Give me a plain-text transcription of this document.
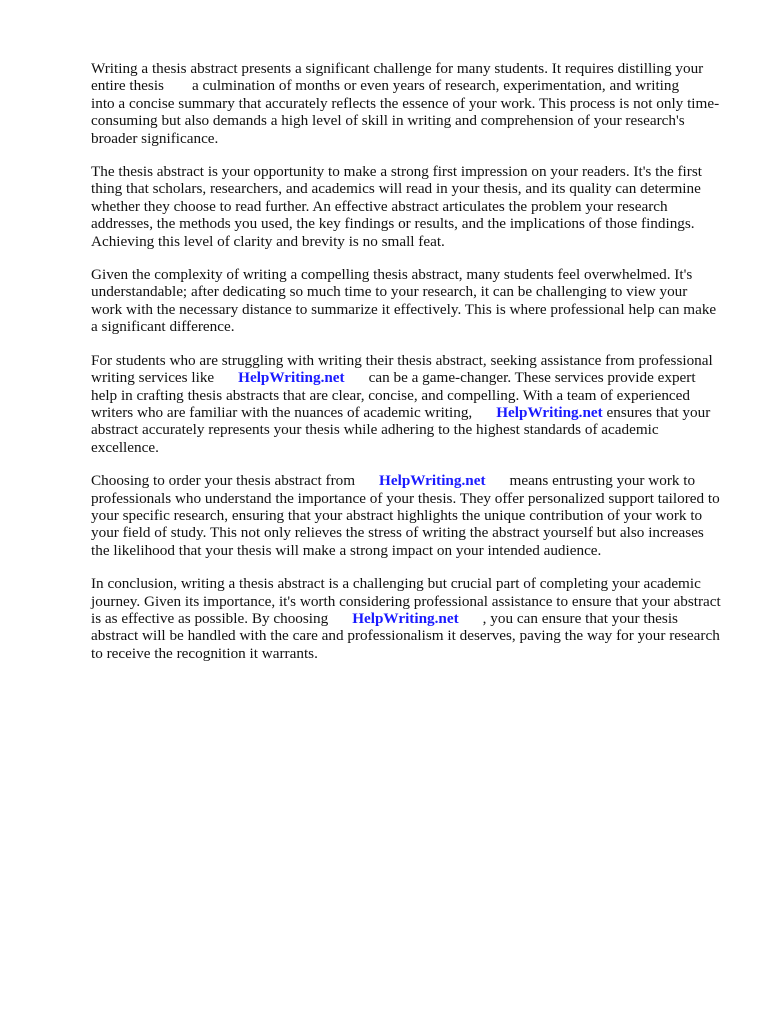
Writing a thesis abstract presents a significant challenge for many students. It requires distilling your entire thesis a culmination of months or even years of research, experimentation, and writinginto a concise summary that accurately reflects the essence of your work. This process is not only time-consuming but also demands a high level of skill in writing and comprehension of your research's broader significance.

The thesis abstract is your opportunity to make a strong first impression on your readers. It's the first thing that scholars, researchers, and academics will read in your thesis, and its quality can determine whether they choose to read further. An effective abstract articulates the problem your research addresses, the methods you used, the key findings or results, and the implications of those findings. Achieving this level of clarity and brevity is no small feat.

Given the complexity of writing a compelling thesis abstract, many students feel overwhelmed. It's understandable; after dedicating so much time to your research, it can be challenging to view your work with the necessary distance to summarize it effectively. This is where professional help can make a significant difference.

For students who are struggling with writing their thesis abstract, seeking assistance from professional writing services like HelpWriting.net can be a game-changer. These services provide expert help in crafting thesis abstracts that are clear, concise, and compelling. With a team of experienced writers who are familiar with the nuances of academic writing, HelpWriting.net ensures that your abstract accurately represents your thesis while adhering to the highest standards of academic excellence.

Choosing to order your thesis abstract from HelpWriting.net means entrusting your work to professionals who understand the importance of your thesis. They offer personalized support tailored to your specific research, ensuring that your abstract highlights the unique contribution of your work to your field of study. This not only relieves the stress of writing the abstract yourself but also increases the likelihood that your thesis will make a strong impact on your intended audience.

In conclusion, writing a thesis abstract is a challenging but crucial part of completing your academic journey. Given its importance, it's worth considering professional assistance to ensure that your abstract is as effective as possible. By choosing HelpWriting.net , you can ensure that your thesis abstract will be handled with the care and professionalism it deserves, paving the way for your research to receive the recognition it warrants.
